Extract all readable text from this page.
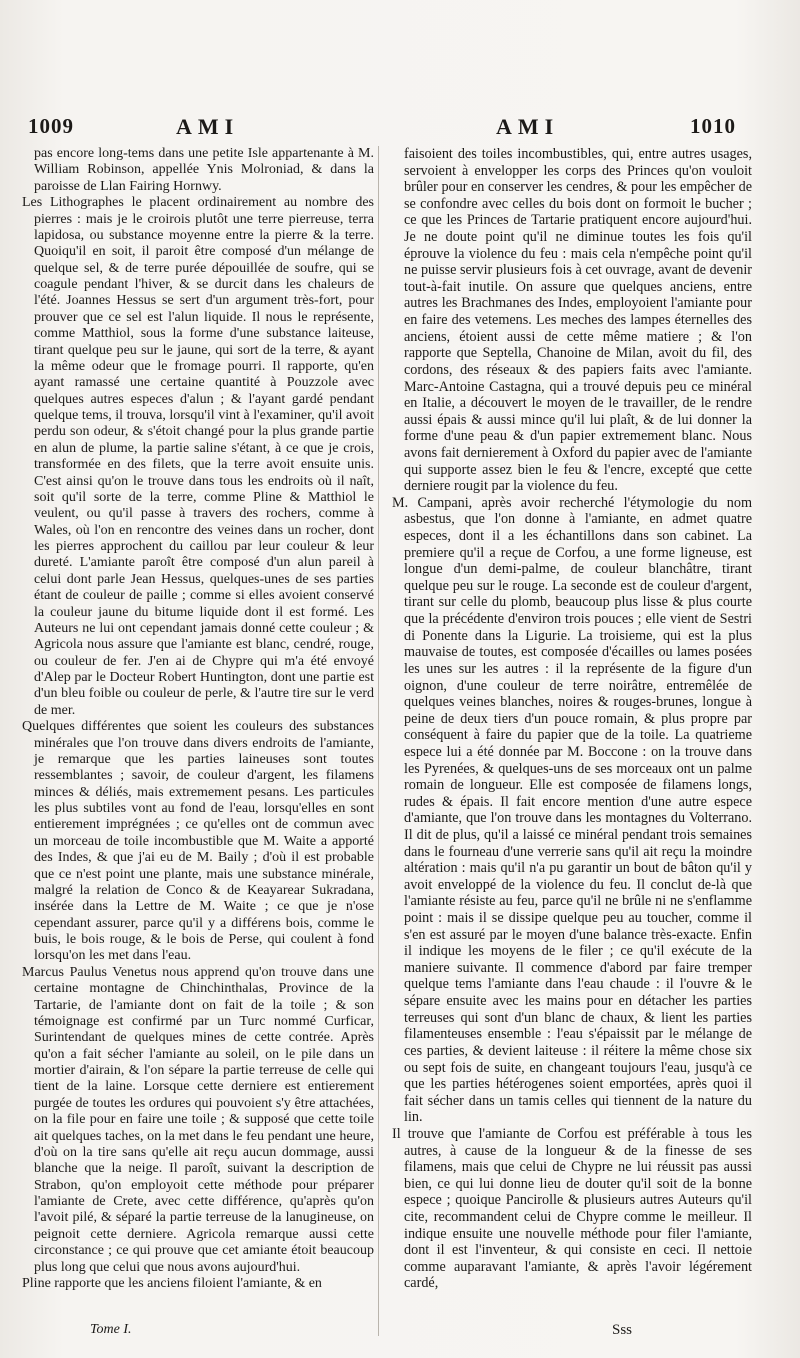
1009	AMI	AMI	1010

pas encore long-tems dans une petite Isle appartenante à M. William Robinson, appellée Ynis Molroniad, & dans la paroisse de Llan Fairing Hornwy.

Les Lithographes le placent ordinairement au nombre des pierres : mais je le croirois plutôt une terre pierreuse, terra lapidosa, ou substance moyenne entre la pierre & la terre. Quoiqu'il en soit, il paroit être composé d'un mélange de quelque sel, & de terre purée dépouillée de soufre, qui se coagule pendant l'hiver, & se durcit dans les chaleurs de l'été. Joannes Hessus se sert d'un argument très-fort, pour prouver que ce sel est l'alun liquide. Il nous le représente, comme Matthiol, sous la forme d'une substance laiteuse, tirant quelque peu sur le jaune, qui sort de la terre, & ayant la même odeur que le fromage pourri. Il rapporte, qu'en ayant ramassé une certaine quantité à Pouzzole avec quelques autres especes d'alun ; & l'ayant gardé pendant quelque tems, il trouva, lorsqu'il vint à l'examiner, qu'il avoit perdu son odeur, & s'étoit changé pour la plus grande partie en alun de plume, la partie saline s'étant, à ce que je crois, transformée en des filets, que la terre avoit ensuite unis. C'est ainsi qu'on le trouve dans tous les endroits où il naît, soit qu'il sorte de la terre, comme Pline & Matthiol le veulent, ou qu'il passe à travers des rochers, comme à Wales, où l'on en rencontre des veines dans un rocher, dont les pierres approchent du caillou par leur couleur & leur dureté. L'amiante paroît être composé d'un alun pareil à celui dont parle Jean Hessus, quelques-unes de ses parties étant de couleur de paille ; comme si elles avoient conservé la couleur jaune du bitume liquide dont il est formé. Les Auteurs ne lui ont cependant jamais donné cette couleur ; & Agricola nous assure que l'amiante est blanc, cendré, rouge, ou couleur de fer. J'en ai de Chypre qui m'a été envoyé d'Alep par le Docteur Robert Huntington, dont une partie est d'un bleu foible ou couleur de perle, & l'autre tire sur le verd de mer.

Quelques différentes que soient les couleurs des substances minérales que l'on trouve dans divers endroits de l'amiante, je remarque que les parties laineuses sont toutes ressemblantes ; savoir, de couleur d'argent, les filamens minces & déliés, mais extremement pesans. Les particules les plus subtiles vont au fond de l'eau, lorsqu'elles en sont entierement imprégnées ; ce qu'elles ont de commun avec un morceau de toile incombustible que M. Waite a apporté des Indes, & que j'ai eu de M. Baily ; d'où il est probable que ce n'est point une plante, mais une substance minérale, malgré la relation de Conco & de Keayarear Sukradana, insérée dans la Lettre de M. Waite ; ce que je n'ose cependant assurer, parce qu'il y a différens bois, comme le buis, le bois rouge, & le bois de Perse, qui coulent à fond lorsqu'on les met dans l'eau.

Marcus Paulus Venetus nous apprend qu'on trouve dans une certaine montagne de Chinchinthalas, Province de la Tartarie, de l'amiante dont on fait de la toile ; & son témoignage est confirmé par un Turc nommé Curficar, Surintendant de quelques mines de cette contrée. Après qu'on a fait sécher l'amiante au soleil, on le pile dans un mortier d'airain, & l'on sépare la partie terreuse de celle qui tient de la laine. Lorsque cette derniere est entierement purgée de toutes les ordures qui pouvoient s'y être attachées, on la file pour en faire une toile ; & supposé que cette toile ait quelques taches, on la met dans le feu pendant une heure, d'où on la tire sans qu'elle ait reçu aucun dommage, aussi blanche que la neige. Il paroît, suivant la description de Strabon, qu'on employoit cette méthode pour préparer l'amiante de Crete, avec cette différence, qu'après qu'on l'avoit pilé, & séparé la partie terreuse de la lanugineuse, on peignoit cette derniere. Agricola remarque aussi cette circonstance ; ce qui prouve que cet amiante étoit beaucoup plus long que celui que nous avons aujourd'hui.

Pline rapporte que les anciens filoient l'amiante, & en

faisoient des toiles incombustibles, qui, entre autres usages, servoient à envelopper les corps des Princes qu'on vouloit brûler pour en conserver les cendres, & pour les empêcher de se confondre avec celles du bois dont on formoit le bucher ; ce que les Princes de Tartarie pratiquent encore aujourd'hui. Je ne doute point qu'il ne diminue toutes les fois qu'il éprouve la violence du feu : mais cela n'empêche point qu'il ne puisse servir plusieurs fois à cet ouvrage, avant de devenir tout-à-fait inutile. On assure que quelques anciens, entre autres les Brachmanes des Indes, employoient l'amiante pour en faire des vetemens. Les meches des lampes éternelles des anciens, étoient aussi de cette même matiere ; & l'on rapporte que Septella, Chanoine de Milan, avoit du fil, des cordons, des réseaux & des papiers faits avec l'amiante. Marc-Antoine Castagna, qui a trouvé depuis peu ce minéral en Italie, a découvert le moyen de le travailler, de le rendre aussi épais & aussi mince qu'il lui plaît, & de lui donner la forme d'une peau & d'un papier extremement blanc. Nous avons fait dernierement à Oxford du papier avec de l'amiante qui supporte assez bien le feu & l'encre, excepté que cette derniere rougit par la violence du feu.

M. Campani, après avoir recherché l'étymologie du nom asbestus, que l'on donne à l'amiante, en admet quatre especes, dont il a les échantillons dans son cabinet. La premiere qu'il a reçue de Corfou, a une forme ligneuse, est longue d'un demi-palme, de couleur blanchâtre, tirant quelque peu sur le rouge. La seconde est de couleur d'argent, tirant sur celle du plomb, beaucoup plus lisse & plus courte que la précédente d'environ trois pouces ; elle vient de Sestri di Ponente dans la Ligurie. La troisieme, qui est la plus mauvaise de toutes, est composée d'écailles ou lames posées les unes sur les autres : il la représente de la figure d'un oignon, d'une couleur de terre noirâtre, entremêlée de quelques veines blanches, noires & rouges-brunes, longue à peine de deux tiers d'un pouce romain, & plus propre par conséquent à faire du papier que de la toile. La quatrieme espece lui a été donnée par M. Boccone : on la trouve dans les Pyrenées, & quelques-uns de ses morceaux ont un palme romain de longueur. Elle est composée de filamens longs, rudes & épais. Il fait encore mention d'une autre espece d'amiante, que l'on trouve dans les montagnes du Volterrano. Il dit de plus, qu'il a laissé ce minéral pendant trois semaines dans le fourneau d'une verrerie sans qu'il ait reçu la moindre altération : mais qu'il n'a pu garantir un bout de bâton qu'il y avoit enveloppé de la violence du feu. Il conclut de-là que l'amiante résiste au feu, parce qu'il ne brûle ni ne s'enflamme point : mais il se dissipe quelque peu au toucher, comme il s'en est assuré par le moyen d'une balance très-exacte. Enfin il indique les moyens de le filer ; ce qu'il exécute de la maniere suivante. Il commence d'abord par faire tremper quelque tems l'amiante dans l'eau chaude : il l'ouvre & le sépare ensuite avec les mains pour en détacher les parties terreuses qui sont d'un blanc de chaux, & lient les parties filamenteuses ensemble : l'eau s'épaissit par le mélange de ces parties, & devient laiteuse : il réitere la même chose six ou sept fois de suite, en changeant toujours l'eau, jusqu'à ce que les parties hétérogenes soient emportées, après quoi il fait sécher dans un tamis celles qui tiennent de la nature du lin.

Il trouve que l'amiante de Corfou est préférable à tous les autres, à cause de la longueur & de la finesse de ses filamens, mais que celui de Chypre ne lui réussit pas aussi bien, ce qui lui donne lieu de douter qu'il soit de la bonne espece ; quoique Pancirolle & plusieurs autres Auteurs qu'il cite, recommandent celui de Chypre comme le meilleur. Il indique ensuite une nouvelle méthode pour filer l'amiante, dont il est l'inventeur, & qui consiste en ceci. Il nettoie comme auparavant l'amiante, & après l'avoir légérement cardé,

Tome I.	Sss
